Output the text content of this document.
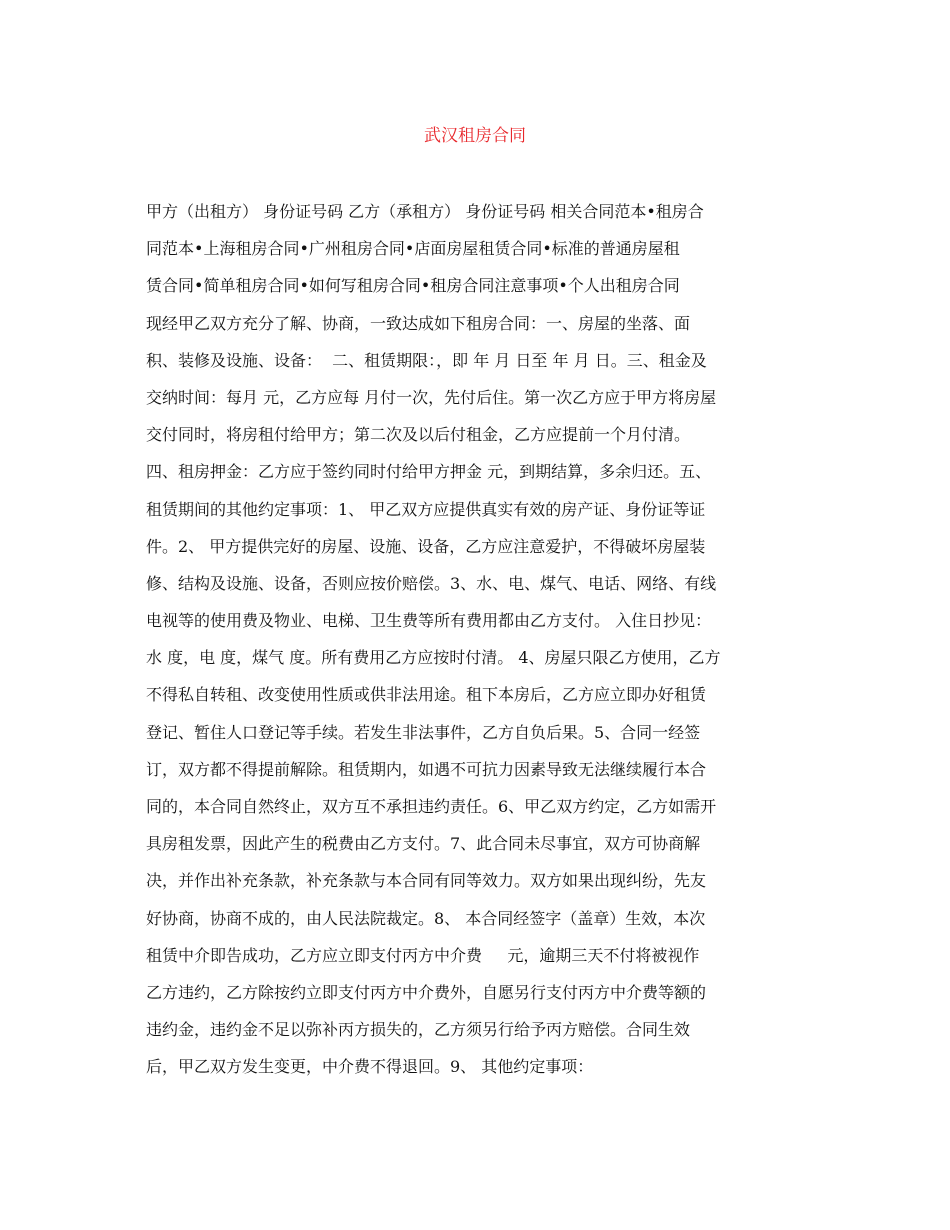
武汉租房合同
甲方（出租方） 身份证号码 乙方（承租方） 身份证号码 相关合同范本•租房合
同范本•上海租房合同•广州租房合同•店面房屋租赁合同•标准的普通房屋租
赁合同•简单租房合同•如何写租房合同•租房合同注意事项•个人出租房合同
现经甲乙双方充分了解、协商，一致达成如下租房合同：一、房屋的坐落、面
积、装修及设施、设备：  二、租赁期限：，即 年 月 日至 年 月 日。三、租金及
交纳时间：每月 元，乙方应每 月付一次，先付后住。第一次乙方应于甲方将房屋
交付同时，将房租付给甲方；第二次及以后付租金，乙方应提前一个月付清。
四、租房押金：乙方应于签约同时付给甲方押金 元，到期结算，多余归还。五、
租赁期间的其他约定事项：1、 甲乙双方应提供真实有效的房产证、身份证等证
件。2、 甲方提供完好的房屋、设施、设备，乙方应注意爱护，不得破坏房屋装
修、结构及设施、设备，否则应按价赔偿。3、水、电、煤气、电话、网络、有线
电视等的使用费及物业、电梯、卫生费等所有费用都由乙方支付。 入住日抄见：
水 度，电 度，煤气 度。所有费用乙方应按时付清。 4、房屋只限乙方使用，乙方
不得私自转租、改变使用性质或供非法用途。租下本房后，乙方应立即办好租赁
登记、暂住人口登记等手续。若发生非法事件，乙方自负后果。5、合同一经签
订，双方都不得提前解除。租赁期内，如遇不可抗力因素导致无法继续履行本合
同的，本合同自然终止，双方互不承担违约责任。6、甲乙双方约定，乙方如需开
具房租发票，因此产生的税费由乙方支付。7、此合同未尽事宜，双方可协商解
决，并作出补充条款，补充条款与本合同有同等效力。双方如果出现纠纷，先友
好协商，协商不成的，由人民法院裁定。8、 本合同经签字（盖章）生效，本次
租赁中介即告成功，乙方应立即支付丙方中介费     元，逾期三天不付将被视作
乙方违约，乙方除按约立即支付丙方中介费外，自愿另行支付丙方中介费等额的
违约金，违约金不足以弥补丙方损失的，乙方须另行给予丙方赔偿。合同生效
后，甲乙双方发生变更，中介费不得退回。9、 其他约定事项：
